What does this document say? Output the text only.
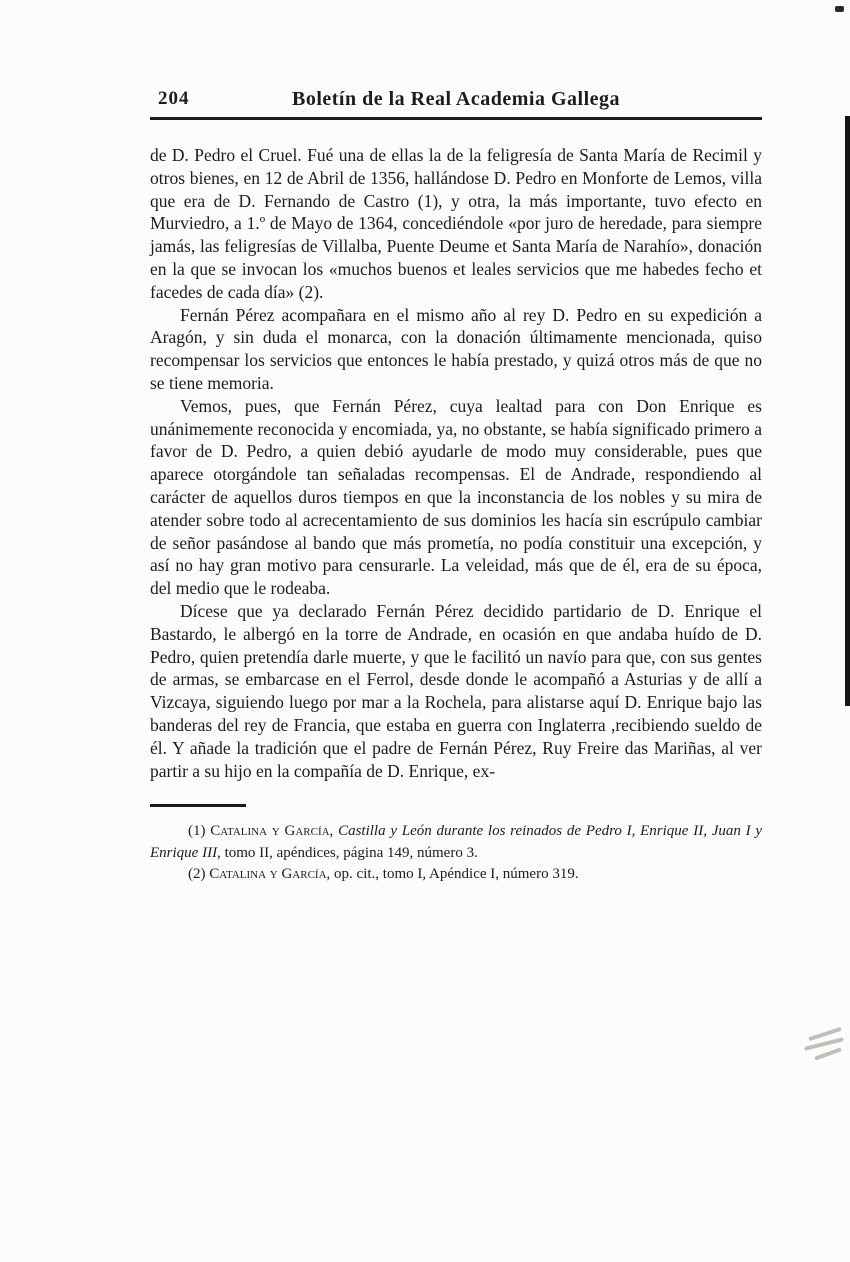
204	Boletín de la Real Academia Gallega

de D. Pedro el Cruel. Fué una de ellas la de la feligresía de Santa María de Recimil y otros bienes, en 12 de Abril de 1356, hallándose D. Pedro en Monforte de Lemos, villa que era de D. Fernando de Castro (1), y otra, la más importante, tuvo efecto en Murviedro, a 1.º de Mayo de 1364, concediéndole «por juro de heredade, para siempre jamás, las feligresías de Villalba, Puente Deume et Santa María de Narahío», donación en la que se invocan los «muchos buenos et leales servicios que me habedes fecho et facedes de cada día» (2).

Fernán Pérez acompañara en el mismo año al rey D. Pedro en su expedición a Aragón, y sin duda el monarca, con la donación últimamente mencionada, quiso recompensar los servicios que entonces le había prestado, y quizá otros más de que no se tiene memoria.

Vemos, pues, que Fernán Pérez, cuya lealtad para con Don Enrique es unánimemente reconocida y encomiada, ya, no obstante, se había significado primero a favor de D. Pedro, a quien debió ayudarle de modo muy considerable, pues que aparece otorgándole tan señaladas recompensas. El de Andrade, respondiendo al carácter de aquellos duros tiempos en que la inconstancia de los nobles y su mira de atender sobre todo al acrecentamiento de sus dominios les hacía sin escrúpulo cambiar de señor pasándose al bando que más prometía, no podía constituir una excepción, y así no hay gran motivo para censurarle. La veleidad, más que de él, era de su época, del medio que le rodeaba.

Dícese que ya declarado Fernán Pérez decidido partidario de D. Enrique el Bastardo, le albergó en la torre de Andrade, en ocasión en que andaba huído de D. Pedro, quien pretendía darle muerte, y que le facilitó un navío para que, con sus gentes de armas, se embarcase en el Ferrol, desde donde le acompañó a Asturias y de allí a Vizcaya, siguiendo luego por mar a la Rochela, para alistarse aquí D. Enrique bajo las banderas del rey de Francia, que estaba en guerra con Inglaterra ,recibiendo sueldo de él. Y añade la tradición que el padre de Fernán Pérez, Ruy Freire das Mariñas, al ver partir a su hijo en la compañía de D. Enrique, ex-

(1) Catalina y García, Castilla y León durante los reinados de Pedro I, Enrique II, Juan I y Enrique III, tomo II, apéndices, página 149, número 3.

(2) Catalina y García, op. cit., tomo I, Apéndice I, número 319.
